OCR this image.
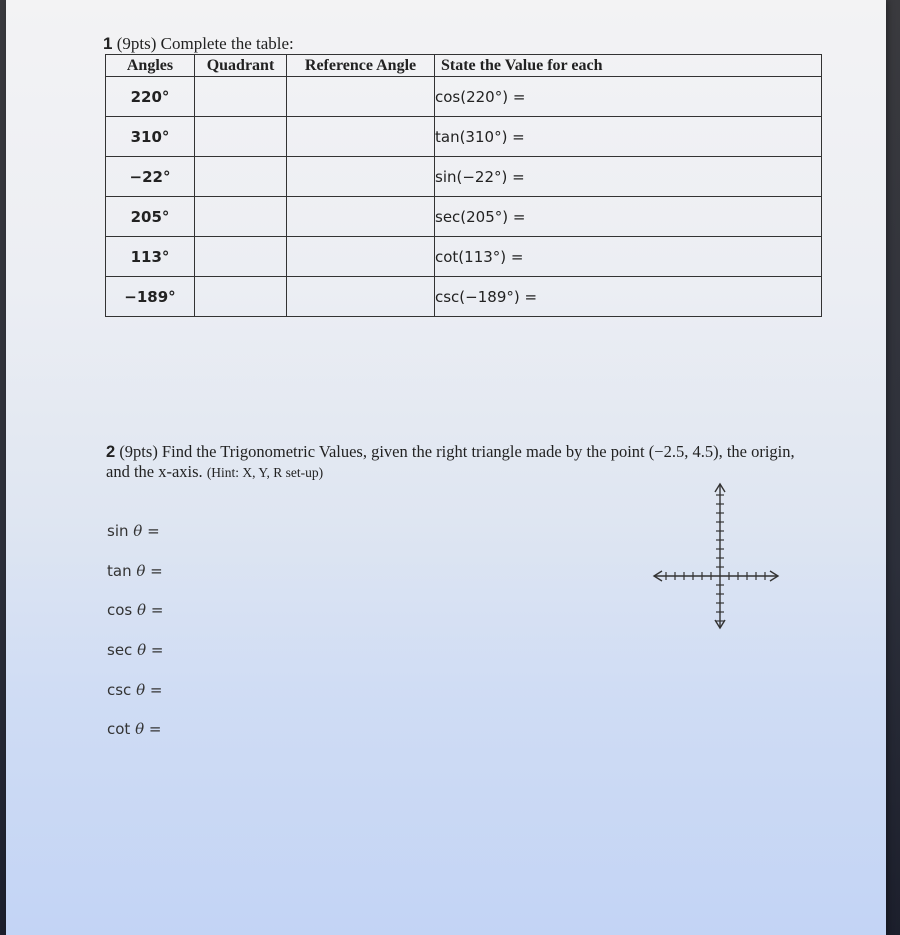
1 (9pts) Complete the table:
Angles	Quadrant	Reference Angle	State the Value for each
220°			cos(220°) =
310°			tan(310°) =
−22°			sin(−22°) =
205°			sec(205°) =
113°			cot(113°) =
−189°			csc(−189°) =
2 (9pts) Find the Trigonometric Values, given the right triangle made by the point (−2.5, 4.5), the origin, and the x-axis. (Hint: X, Y, R set-up)
sin θ =
tan θ =
cos θ =
sec θ =
csc θ =
cot θ =
